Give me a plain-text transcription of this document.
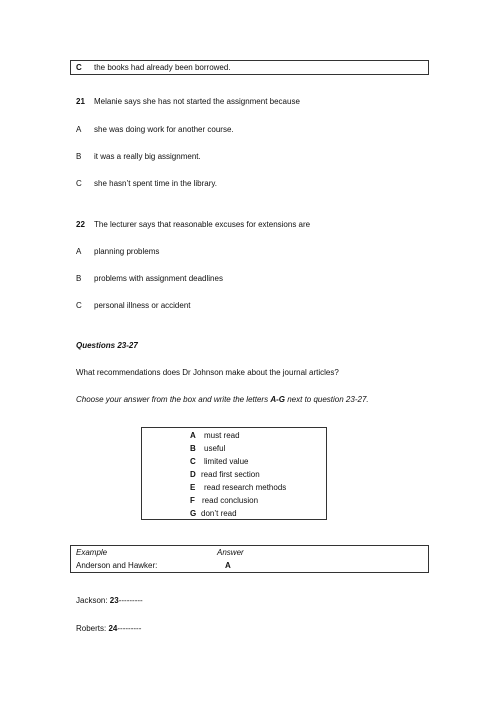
C the books had already been borrowed.
21 Melanie says she has not started the assignment because
A she was doing work for another course.
B it was a really big assignment.
C she hasn’t spent time in the library.
22 The lecturer says that reasonable excuses for extensions are
A planning problems
B problems with assignment deadlines
C personal illness or accident
Questions 23-27
What recommendations does Dr Johnson make about the journal articles?
Choose your answer from the box and write the letters A-G next to question 23-27.
A must read
B useful
C limited value
D read first section
E read research methods
F read conclusion
G don’t read
Example	Answer
Anderson and Hawker:	A
Jackson: 23---------
Roberts: 24---------
